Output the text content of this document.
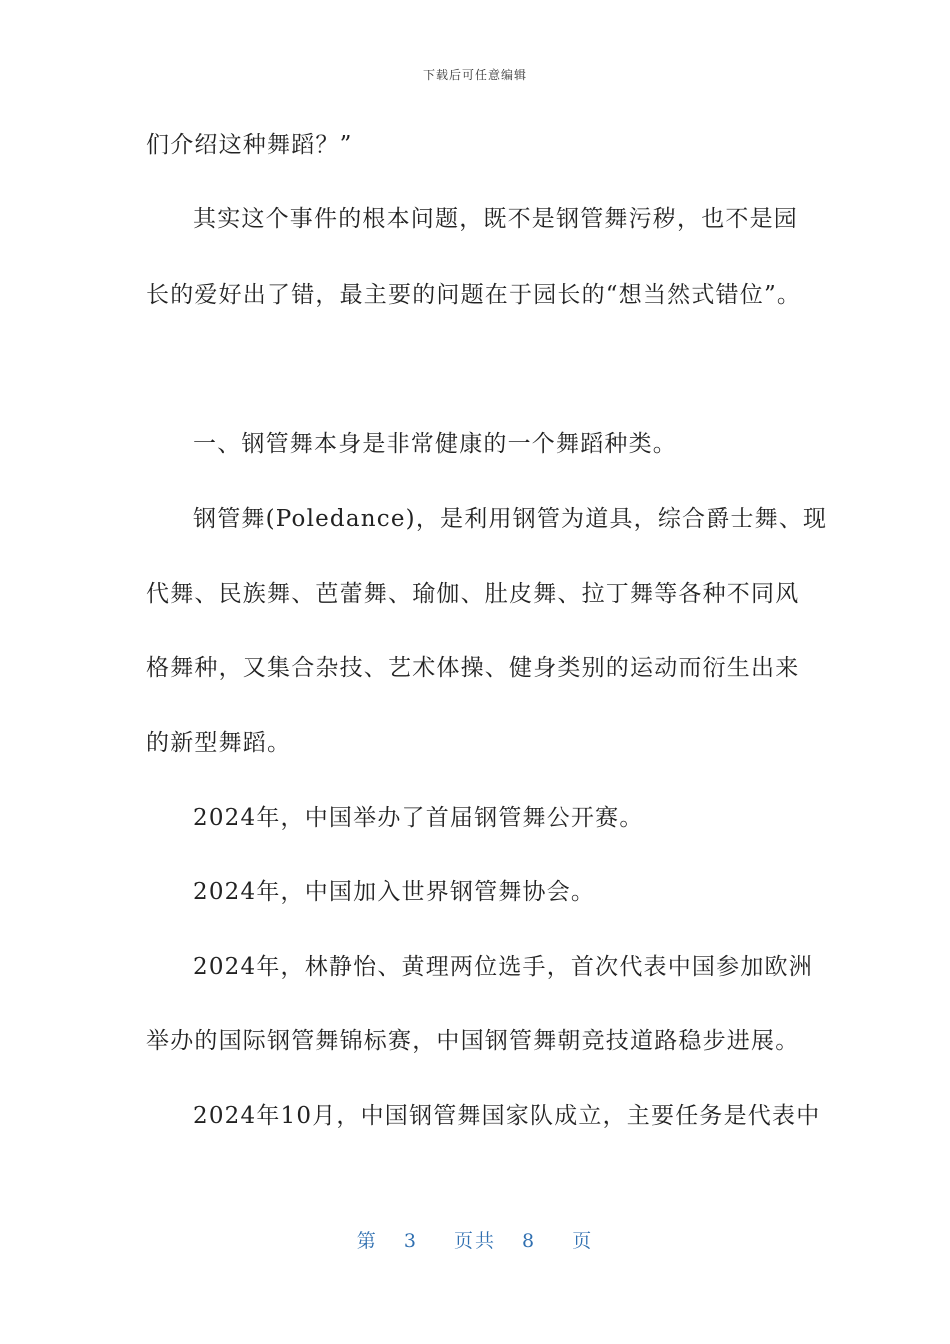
下载后可任意编辑
们介绍这种舞蹈？”
其实这个事件的根本问题，既不是钢管舞污秽，也不是园
长的爱好出了错，最主要的问题在于园长的“想当然式错位”。
一、钢管舞本身是非常健康的一个舞蹈种类。
钢管舞(Poledance)，是利用钢管为道具，综合爵士舞、现
代舞、民族舞、芭蕾舞、瑜伽、肚皮舞、拉丁舞等各种不同风
格舞种，又集合杂技、艺术体操、健身类别的运动而衍生出来
的新型舞蹈。
2024年，中国举办了首届钢管舞公开赛。
2024年，中国加入世界钢管舞协会。
2024年，林静怡、黄理两位选手，首次代表中国参加欧洲
举办的国际钢管舞锦标赛，中国钢管舞朝竞技道路稳步进展。
2024年10月，中国钢管舞国家队成立，主要任务是代表中
第 3 页共 8 页
